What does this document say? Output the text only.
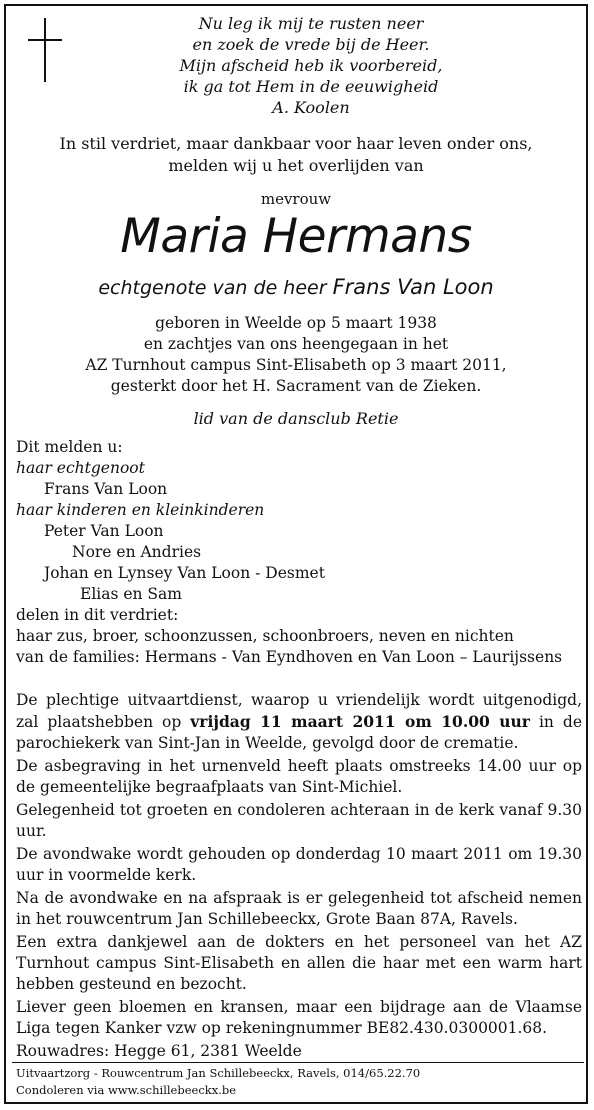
Nu leg ik mij te rusten neer
en zoek de vrede bij de Heer.
Mijn afscheid heb ik voorbereid,
ik ga tot Hem in de eeuwigheid
A. Koolen
In stil verdriet, maar dankbaar voor haar leven onder ons,
melden wij u het overlijden van
mevrouw
Maria Hermans
echtgenote van de heer Frans Van Loon
geboren in Weelde op 5 maart 1938
en zachtjes van ons heengegaan in het
AZ Turnhout campus Sint-Elisabeth op 3 maart 2011,
gesterkt door het H. Sacrament van de Zieken.
lid van de dansclub Retie
Dit melden u:
haar echtgenoot
Frans Van Loon
haar kinderen en kleinkinderen
Peter Van Loon
Nore en Andries
Johan en Lynsey Van Loon - Desmet
Elias en Sam
delen in dit verdriet:
haar zus, broer, schoonzussen, schoonbroers, neven en nichten
van de families: Hermans - Van Eyndhoven en Van Loon – Laurijssens

De plechtige uitvaartdienst, waarop u vriendelijk wordt uitgenodigd, zal plaatshebben op vrijdag 11 maart 2011 om 10.00 uur in de parochiekerk van Sint-Jan in Weelde, gevolgd door de crematie.

De asbegraving in het urnenveld heeft plaats omstreeks 14.00 uur op de gemeentelijke begraafplaats van Sint-Michiel.

Gelegenheid tot groeten en condoleren achteraan in de kerk vanaf 9.30 uur.

De avondwake wordt gehouden op donderdag 10 maart 2011 om 19.30 uur in voormelde kerk.

Na de avondwake en na afspraak is er gelegenheid tot afscheid nemen in het rouwcentrum Jan Schillebeeckx, Grote Baan 87A, Ravels.

Een extra dankjewel aan de dokters en het personeel van het AZ Turnhout campus Sint-Elisabeth en allen die haar met een warm hart hebben gesteund en bezocht.

Liever geen bloemen en kransen, maar een bijdrage aan de Vlaamse Liga tegen Kanker vzw op rekeningnummer BE82.430.0300001.68.

Rouwadres: Hegge 61, 2381 Weelde

Uitvaartzorg - Rouwcentrum Jan Schillebeeckx, Ravels, 014/65.22.70
Condoleren via www.schillebeeckx.be
